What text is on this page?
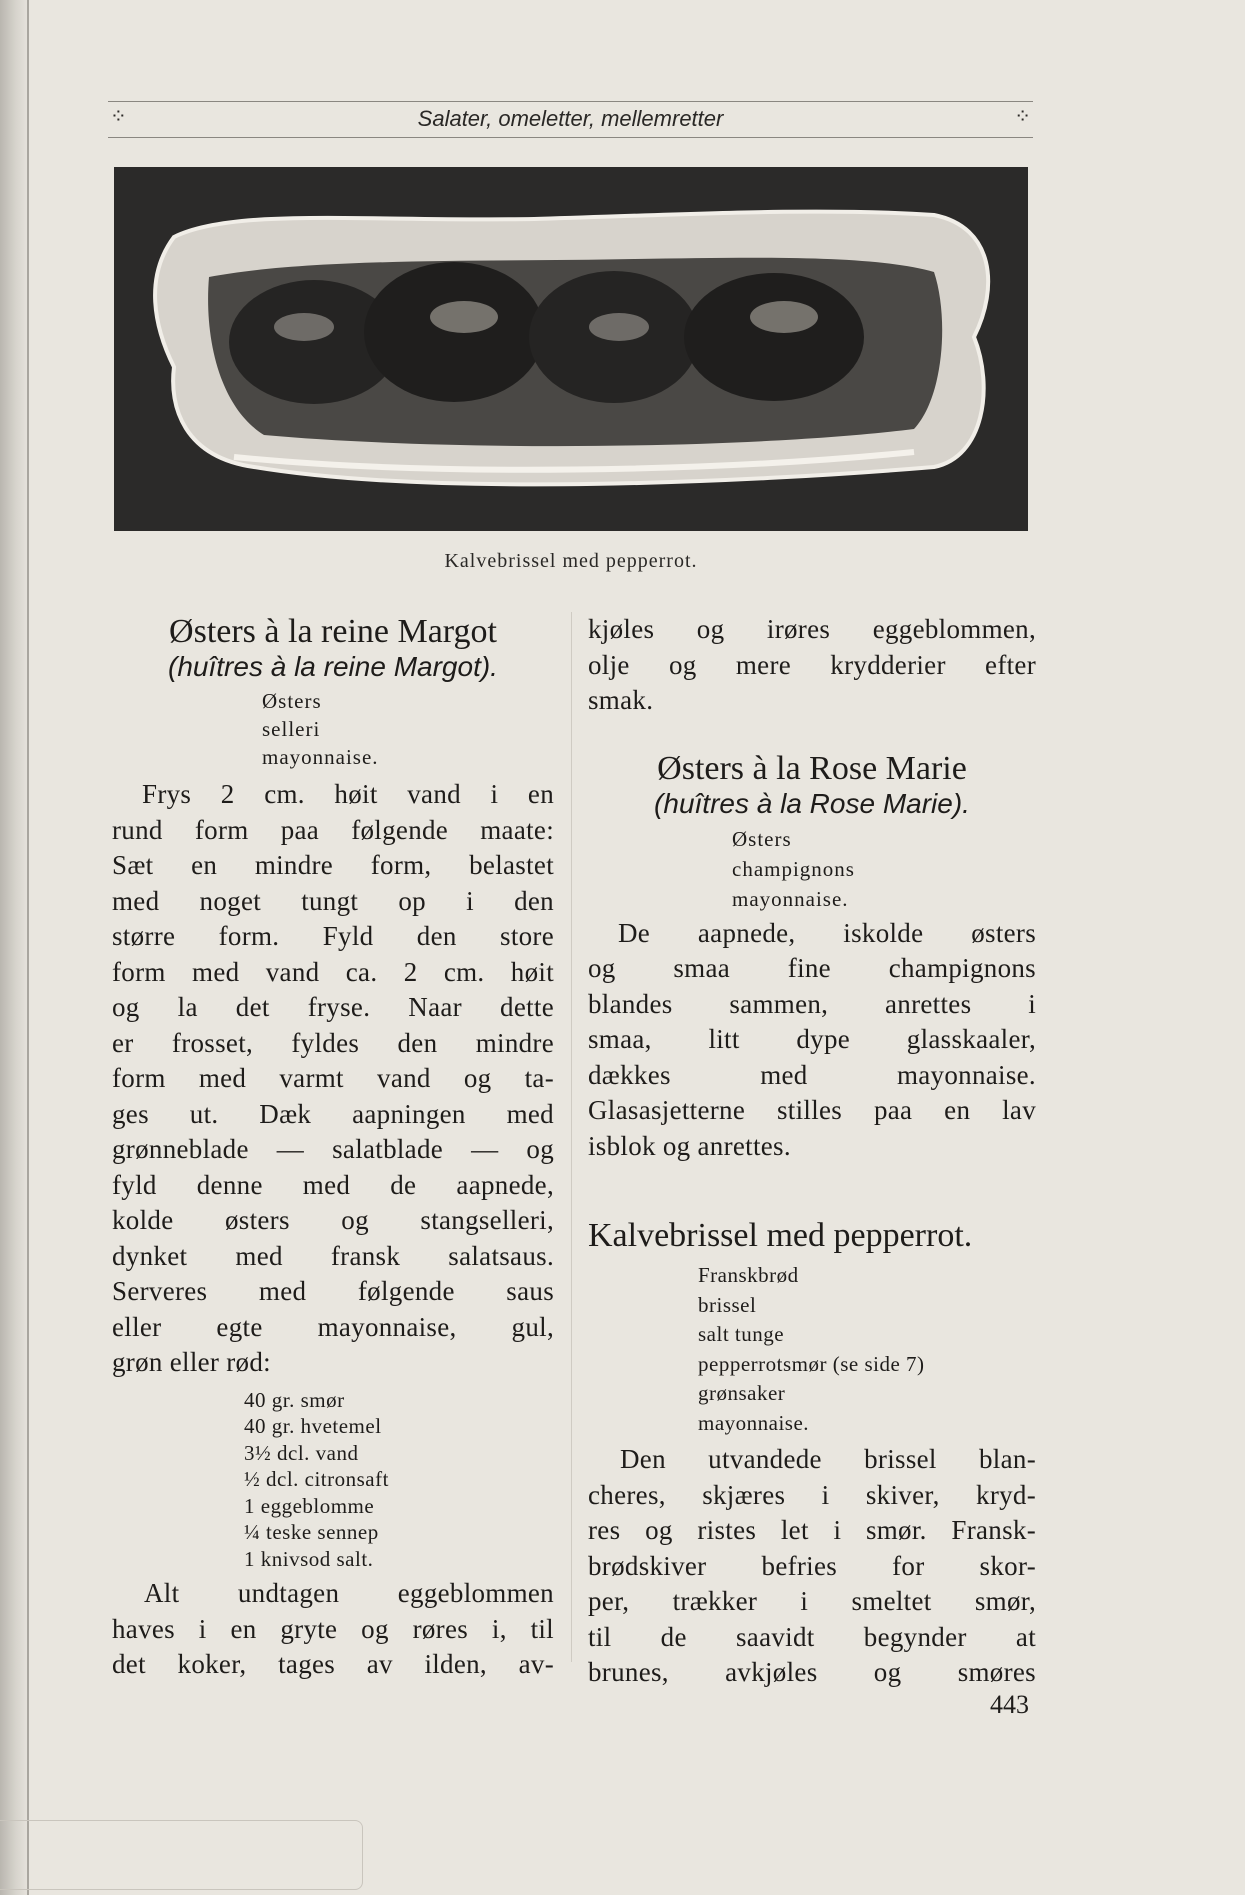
⁘	Salater, omeletter, mellemretter	⁘
Kalvebrissel med pepperrot.
Østers à la reine Margot

(huîtres à la reine Margot).

Østers
selleri
mayonnaise.
Frys 2 cm. høit vand i en
rund form paa følgende maate:
Sæt en mindre form, belastet
med noget tungt op i den
større form. Fyld den store
form med vand ca. 2 cm. høit
og la det fryse. Naar dette
er frosset, fyldes den mindre
form med varmt vand og ta-
ges ut. Dæk aapningen med
grønneblade — salatblade — og
fyld denne med de aapnede,
kolde østers og stangselleri,
dynket med fransk salatsaus.
Serveres med følgende saus
eller egte mayonnaise, gul,
grøn eller rød:
40 gr. smør
40 gr. hvetemel
3½ dcl. vand
½ dcl. citronsaft
1 eggeblomme
¼ teske sennep
1 knivsod salt.
Alt undtagen eggeblommen
haves i en gryte og røres i, til
det koker, tages av ilden, av-
kjøles og irøres eggeblommen,
olje og mere krydderier efter
smak.
Østers à la Rose Marie

(huîtres à la Rose Marie).

Østers
champignons
mayonnaise.
De aapnede, iskolde østers
og smaa fine champignons
blandes sammen, anrettes i
smaa, litt dype glasskaaler,
dækkes med mayonnaise.
Glasasjetterne stilles paa en lav
isblok og anrettes.
Kalvebrissel med pepperrot.
Franskbrød
brissel
salt tunge
pepperrotsmør (se side 7)
grønsaker
mayonnaise.
Den utvandede brissel blan-
cheres, skjæres i skiver, kryd-
res og ristes let i smør. Fransk-
brødskiver befries for skor-
per, trækker i smeltet smør,
til de saavidt begynder at
brunes, avkjøles og smøres
443
